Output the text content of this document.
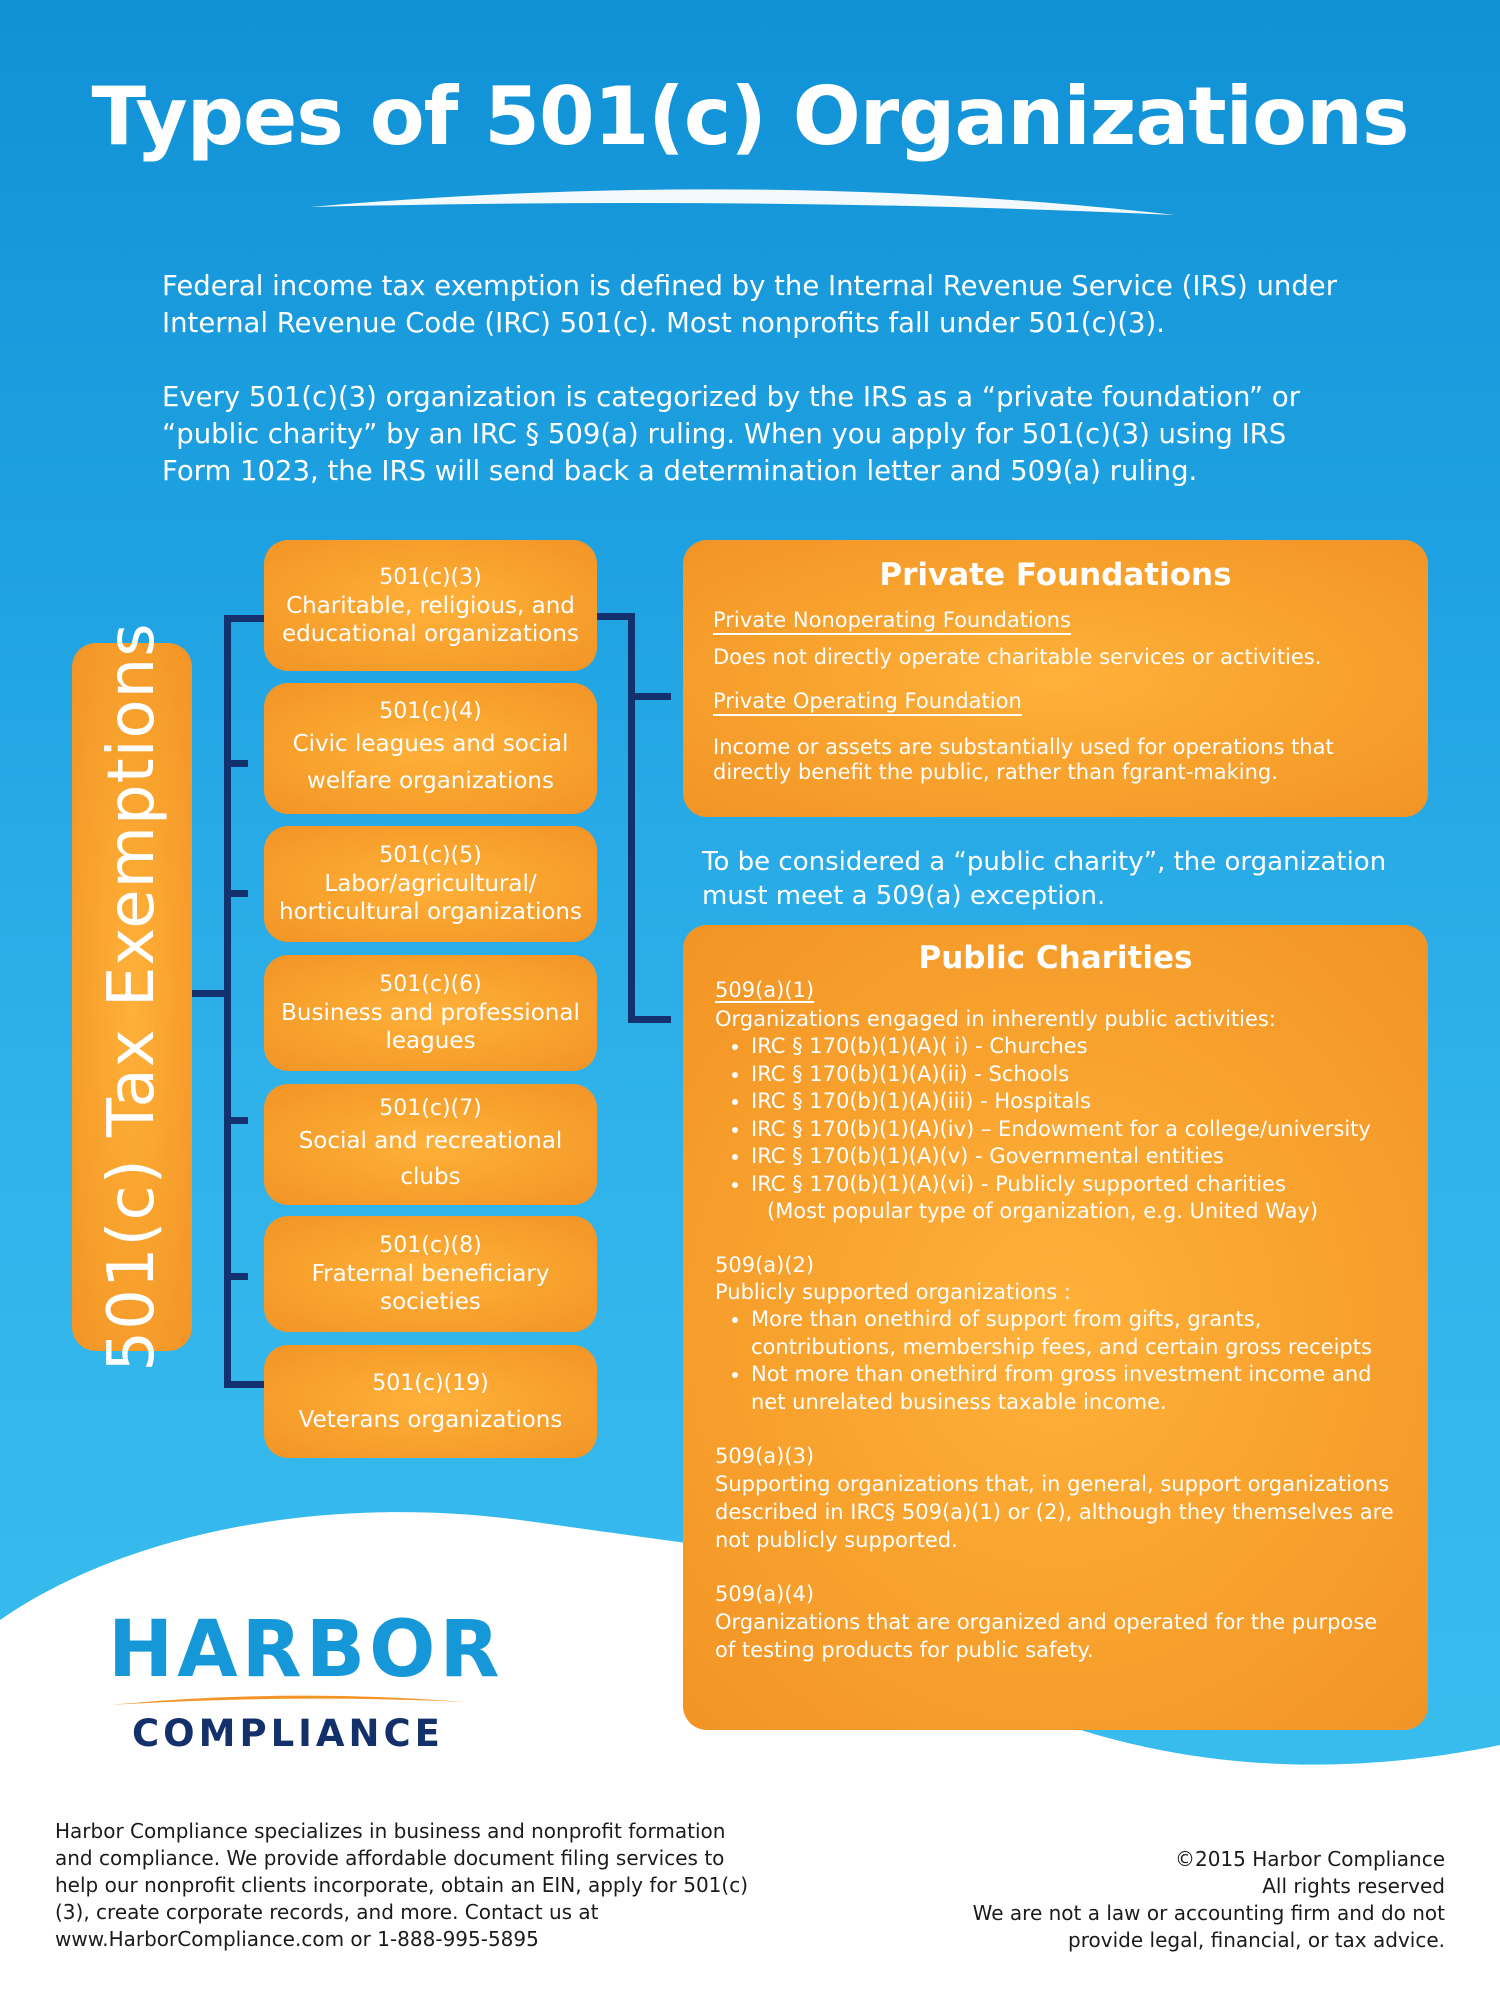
Types of 501(c) Organizations

Federal income tax exemption is defined by the Internal Revenue Service (IRS) under Internal Revenue Code (IRC) 501(c). Most nonprofits fall under 501(c)(3).

Every 501(c)(3) organization is categorized by the IRS as a “private foundation” or “public charity” by an IRC § 509(a) ruling. When you apply for 501(c)(3) using IRS Form 1023, the IRS will send back a determination letter and 509(a) ruling.

501(c) Tax Exemptions
501(c)(3)
Charitable, religious, and educational organizations
501(c)(4)
Civic leagues and social welfare organizations
501(c)(5)
Labor/agricultural/ horticultural organizations
501(c)(6)
Business and professional leagues
501(c)(7)
Social and recreational clubs
501(c)(8)
Fraternal beneficiary societies
501(c)(19)
Veterans organizations
Private Foundations
Private Nonoperating Foundations
Does not directly operate charitable services or activities.
Private Operating Foundation
Income or assets are substantially used for operations that directly benefit the public, rather than fgrant-making.

To be considered a “public charity”, the organization must meet a 509(a) exception.

Public Charities
509(a)(1)
Organizations engaged in inherently public activities:
• IRC § 170(b)(1)(A)( i) - Churches
• IRC § 170(b)(1)(A)(ii) - Schools
• IRC § 170(b)(1)(A)(iii) - Hospitals
• IRC § 170(b)(1)(A)(iv) – Endowment for a college/university
• IRC § 170(b)(1)(A)(v) - Governmental entities
• IRC § 170(b)(1)(A)(vi) - Publicly supported charities
(Most popular type of organization, e.g. United Way)
509(a)(2)
Publicly supported organizations :
• More than onethird of support from gifts, grants, contributions, membership fees, and certain gross receipts
• Not more than onethird from gross investment income and net unrelated business taxable income.
509(a)(3)
Supporting organizations that, in general, support organizations described in IRC§ 509(a)(1) or (2), although they themselves are not publicly supported.
509(a)(4)
Organizations that are organized and operated for the purpose of testing products for public safety.
HARBOR
COMPLIANCE

Harbor Compliance specializes in business and nonprofit formation and compliance. We provide affordable document filing services to help our nonprofit clients incorporate, obtain an EIN, apply for 501(c)(3), create corporate records, and more. Contact us at www.HarborCompliance.com or 1-888-995-5895

©2015 Harbor Compliance
All rights reserved
We are not a law or accounting firm and do not provide legal, financial, or tax advice.
